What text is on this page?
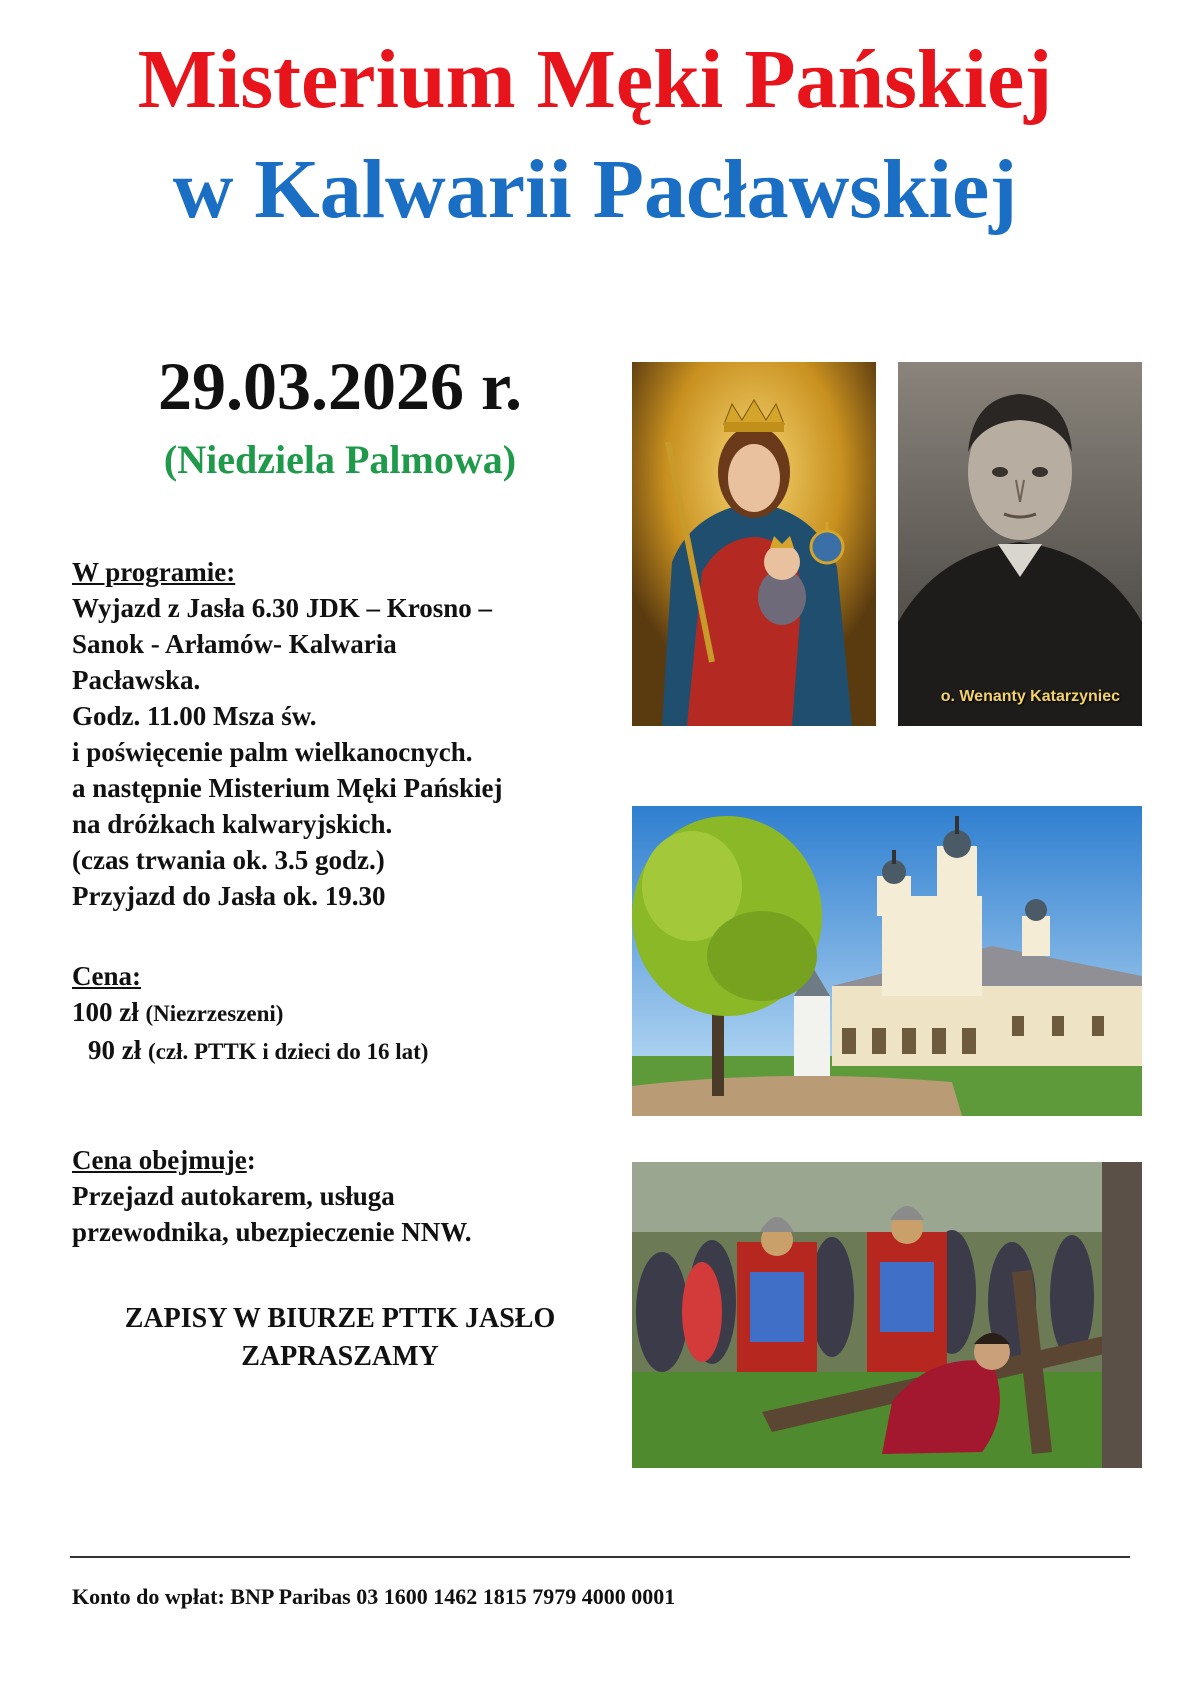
Misterium Męki Pańskiej
w Kalwarii Pacławskiej
29.03.2026 r.
(Niedziela Palmowa)
W programie:
Wyjazd z Jasła 6.30 JDK – Krosno –
Sanok - Arłamów- Kalwaria
Pacławska.
Godz. 11.00 Msza św.
i poświęcenie palm wielkanocnych.
a następnie Misterium Męki Pańskiej
na dróżkach kalwaryjskich.
(czas trwania ok. 3.5 godz.)
Przyjazd do Jasła ok. 19.30
Cena:
100 zł (Niezrzeszeni)
90 zł (czł. PTTK i dzieci do 16 lat)
Cena obejmuje:
Przejazd autokarem, usługa
przewodnika, ubezpieczenie NNW.
ZAPISY W BIURZE PTTK JASŁO
ZAPRASZAMY
o. Wenanty Katarzyniec
Konto do wpłat: BNP Paribas 03 1600 1462 1815 7979 4000 0001
